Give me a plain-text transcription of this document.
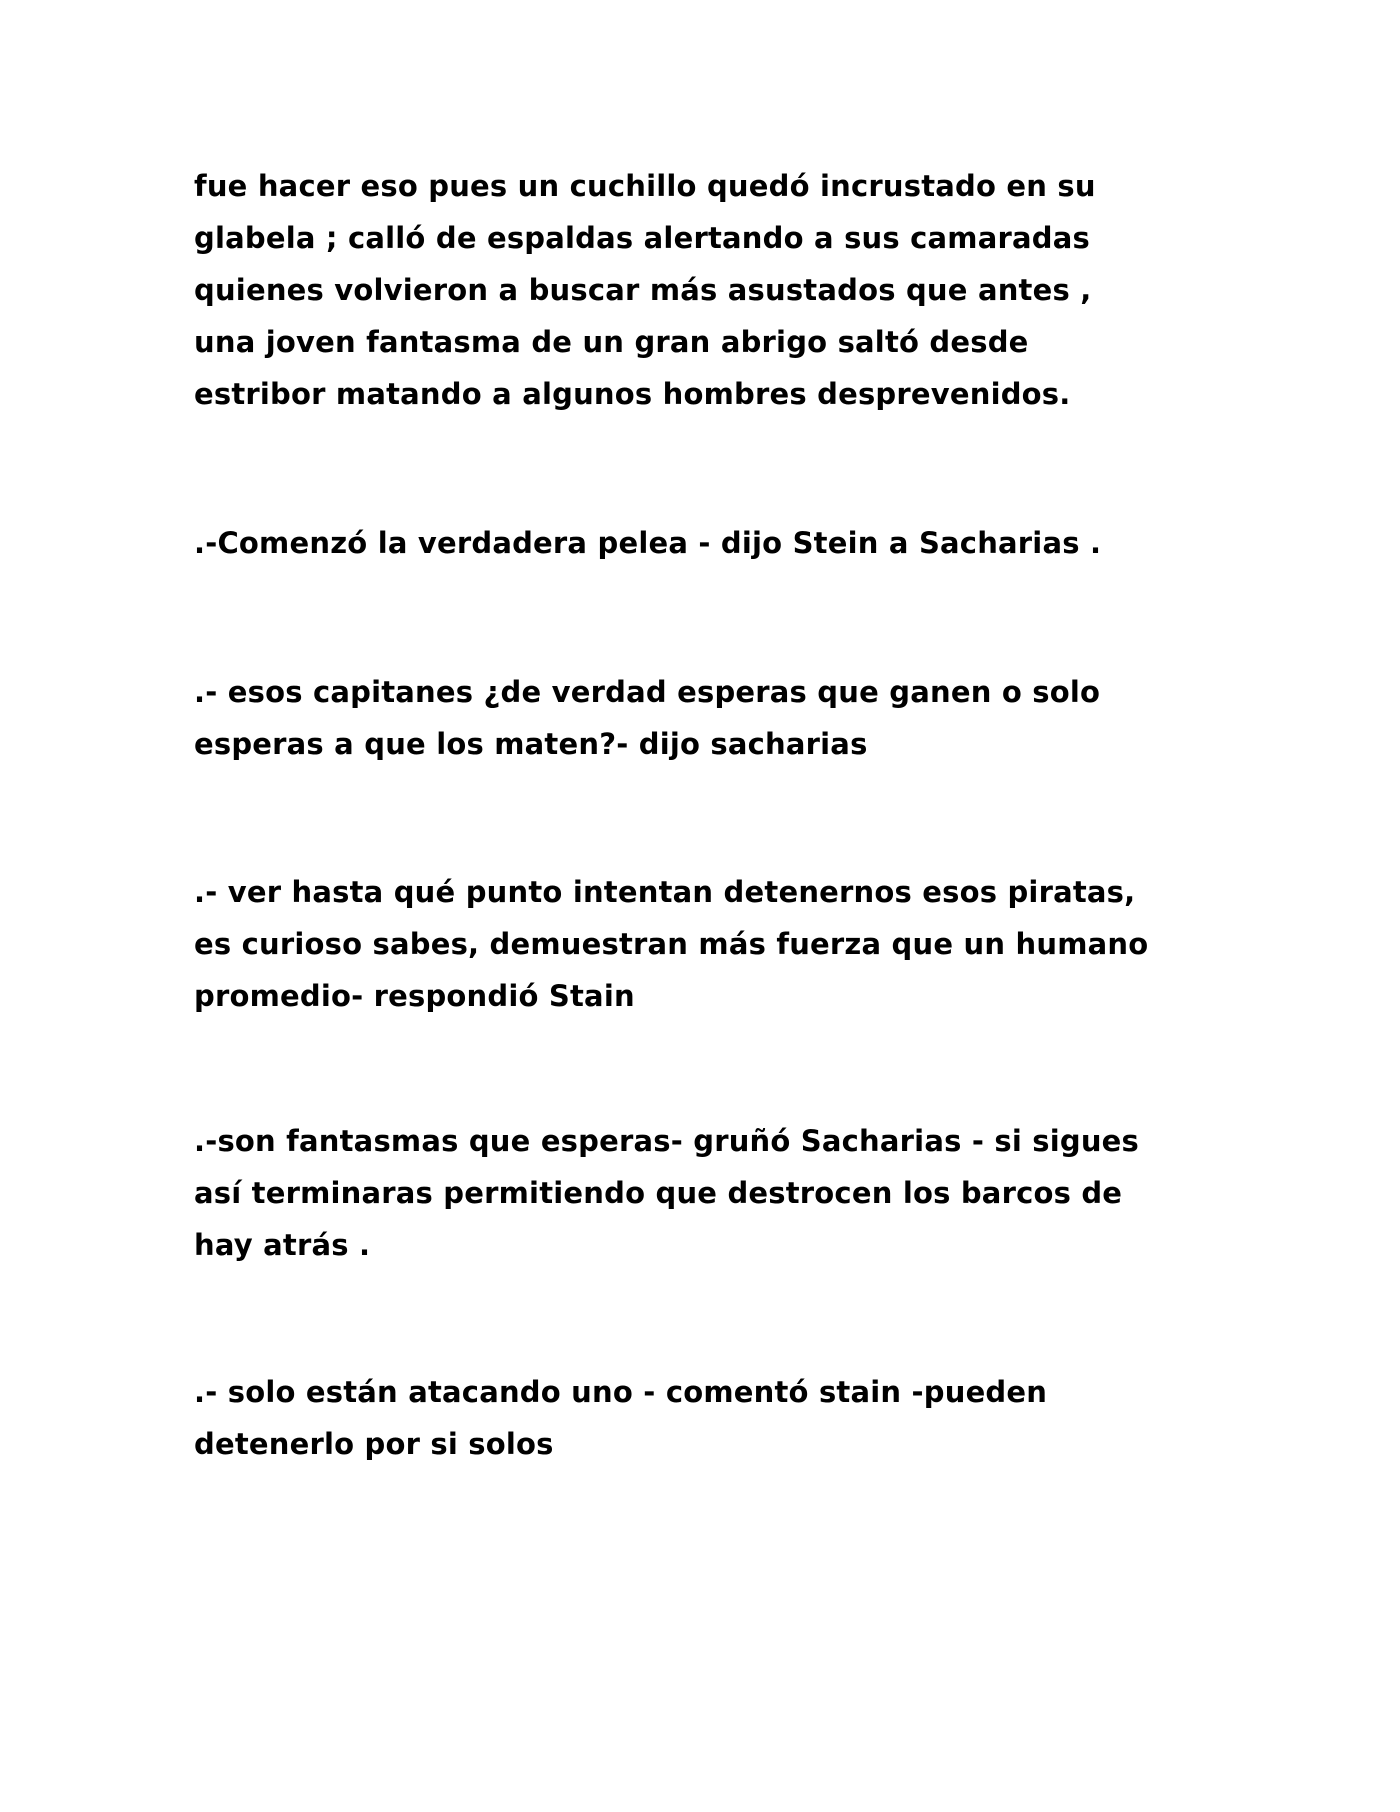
fue hacer eso pues un cuchillo quedó incrustado en su
glabela ; calló de espaldas alertando a sus camaradas
quienes volvieron a buscar más asustados que antes ,
una joven fantasma de un gran abrigo saltó desde
estribor matando a algunos hombres desprevenidos.

.-Comenzó la verdadera pelea - dijo Stein a Sacharias .

.- esos capitanes ¿de verdad esperas que ganen o solo
esperas a que los maten?- dijo sacharias

.- ver hasta qué punto intentan detenernos esos piratas,
es curioso sabes, demuestran más fuerza que un humano
promedio- respondió Stain

.-son fantasmas que esperas- gruñó Sacharias - si sigues
así terminaras permitiendo que destrocen los barcos de
hay atrás .

.- solo están atacando uno - comentó stain -pueden
detenerlo por si solos
